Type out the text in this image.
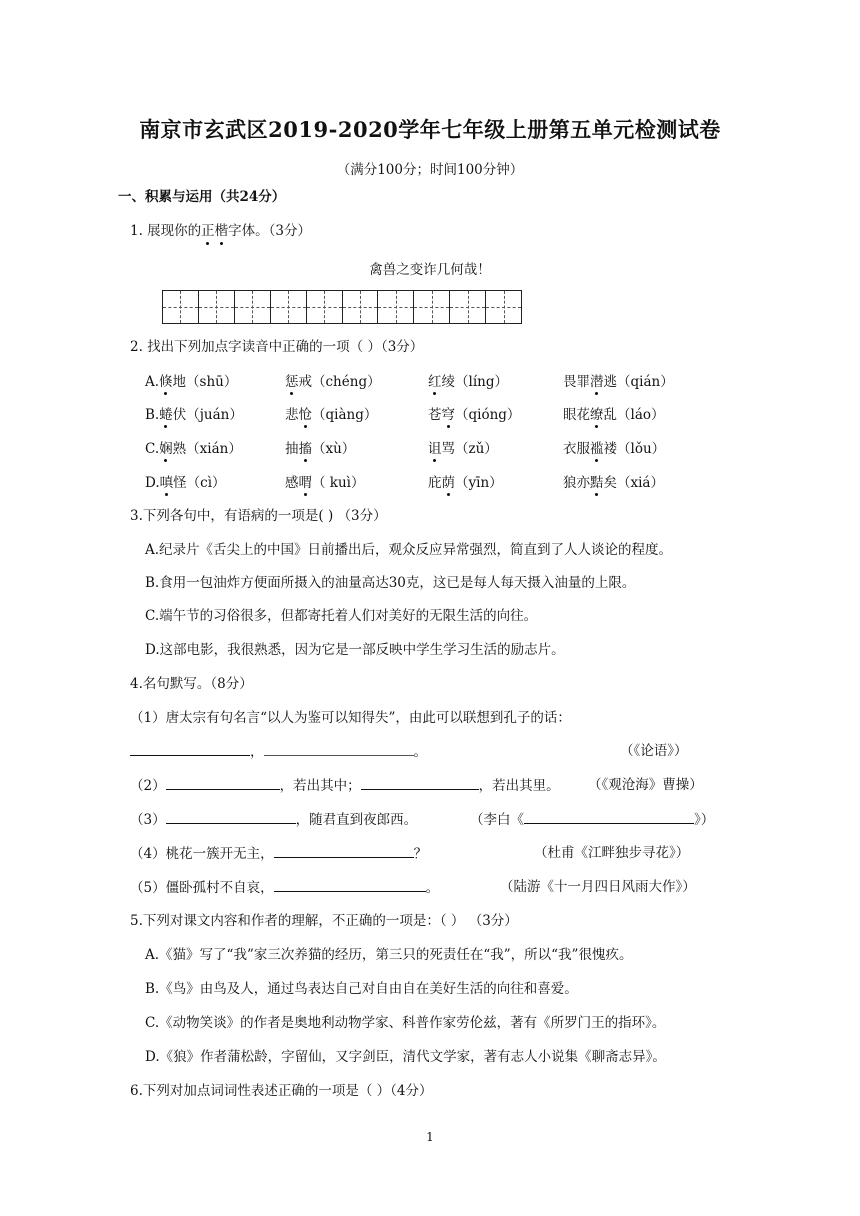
南京市玄武区2019-2020学年七年级上册第五单元检测试卷
（满分100分；时间100分钟）
一、积累与运用（共24分）
1. 展现你的正楷字体。（3分）
禽兽之变诈几何哉！
2. 找出下列加点字读音中正确的一项（ ）（3分）
A.倏地（shū）	惩戒（chéng）	红绫（líng）	畏罪潜逃（qián）
B.蜷伏（juán）	悲怆（qiàng）	苍穹（qióng）	眼花缭乱（láo）
C.娴熟（xián）	抽搐（xù）	诅骂（zǔ）	衣服褴褛（lǒu）
D.嗔怪（cì）	感喟（ kuì）	庇荫（yīn）	狼亦黠矣（xiá）
3.下列各句中，有语病的一项是( ) （3分）
A.纪录片《舌尖上的中国》日前播出后，观众反应异常强烈，简直到了人人谈论的程度。
B.食用一包油炸方便面所摄入的油量高达30克，这已是每人每天摄入油量的上限。
C.端午节的习俗很多，但都寄托着人们对美好的无限生活的向往。
D.这部电影，我很熟悉，因为它是一部反映中学生学习生活的励志片。
4.名句默写。（8分）
（1）唐太宗有句名言“以人为鉴可以知得失”，由此可以联想到孔子的话：
，	。	（《论语》）
（2）	，若出其中；	，若出其里。 （《观沧海》曹操）
（3）	，随君直到夜郎西。	（李白《	》）
（4）桃花一簇开无主，	？	（杜甫《江畔独步寻花》）
（5）僵卧孤村不自哀，	。	（陆游《十一月四日风雨大作》）
5.下列对课文内容和作者的理解，不正确的一项是：（ ） （3分）
A.《猫》写了“我”家三次养猫的经历，第三只的死责任在“我”，所以“我”很愧疚。
B.《鸟》由鸟及人，通过鸟表达自己对自由自在美好生活的向往和喜爱。
C.《动物笑谈》的作者是奥地利动物学家、科普作家劳伦兹，著有《所罗门王的指环》。
D.《狼》作者蒲松龄，字留仙，又字剑臣，清代文学家，著有志人小说集《聊斋志异》。
6.下列对加点词词性表述正确的一项是（ ）（4分）
1
